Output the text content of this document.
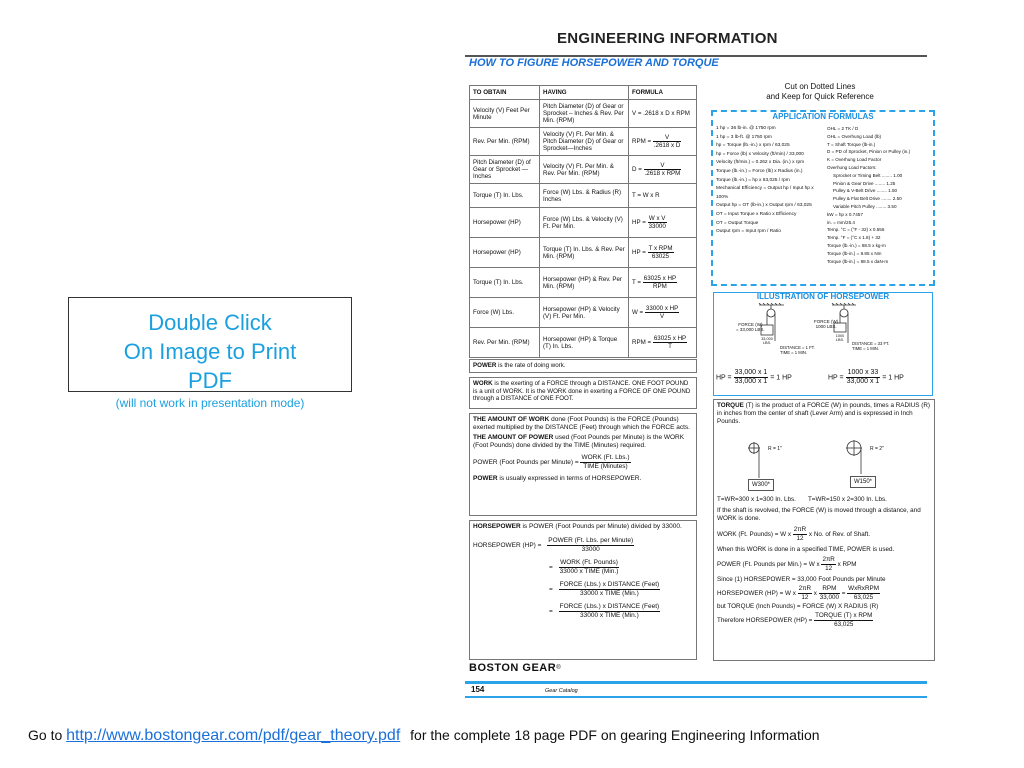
Double Click
On Image to Print
PDF
(will not work in presentation mode)
ENGINEERING INFORMATION
HOW TO FIGURE HORSEPOWER AND TORQUE
Cut on Dotted Lines
and Keep for Quick Reference
TO OBTAIN	HAVING	FORMULA
Velocity (V) Feet Per Minute	Pitch Diameter (D) of Gear or Sprocket – Inches & Rev. Per Min. (RPM)	V = .2618 x D x RPM
Rev. Per Min. (RPM)	Velocity (V) Ft. Per Min. & Pitch Diameter (D) of Gear or Sprocket—Inches	RPM = $\frac{V}{\text{.2618 x D}}$

Pitch Diameter (D) of Gear or Sprocket — Inches	Velocity (V) Ft. Per Min. & Rev. Per Min. (RPM)	$D = \frac{V}{\text{.2618 x RPM}}$

Torque (T) In. Lbs.	Force (W) Lbs. & Radius (R) Inches	T = W x R
Horsepower (HP)	Force (W) Lbs. & Velocity (V) Ft. Per Min.	HP = $\frac{\text{W x V}}{33000}$

Horsepower (HP)	Torque (T) In. Lbs. & Rev. Per Min. (RPM)	HP = $\frac{\text{T x RPM}}{63025}$

Torque (T) In. Lbs.	Horsepower (HP) & Rev. Per Min. (RPM)	$T = \frac{\text{63025 x HP}}{\text{RPM}}$

Force (W) Lbs.	Horsepower (HP) & Velocity (V) Ft. Per Min.	$W = \frac{\text{33000 x HP}}{V}$

Rev. Per Min. (RPM)	Horsepower (HP) & Torque (T) In. Lbs.	RPM = $\frac{\text{63025 x HP}}{T}$
POWER is the rate of doing work.
WORK is the exerting of a FORCE through a DISTANCE. ONE FOOT POUND is a unit of WORK. It is the WORK done in exerting a FORCE OF ONE POUND through a DISTANCE of ONE FOOT.
THE AMOUNT OF WORK done (Foot Pounds) is the FORCE (Pounds) exerted multiplied by the DISTANCE (Feet) through which the FORCE acts.
THE AMOUNT OF POWER used (Foot Pounds per Minute) is the WORK (Foot Pounds) done divided by the TIME (Minutes) required.
POWER (Foot Pounds per Minute) = $\frac{\text{WORK (Ft. Lbs.)}}{\text{TIME (Minutes)}}$
POWER is usually expressed in terms of HORSEPOWER.
HORSEPOWER is POWER (Foot Pounds per Minute) divided by 33000.
HORSEPOWER $(HP) = \frac{\text{POWER (Ft. Lbs. per Minute)}}{33000}$
= $\frac{\text{WORK (Ft. Pounds)}}{\text{33000 x TIME (Min.)}}$
= $\frac{\text{FORCE (Lbs.) x DISTANCE (Feet)}}{\text{33000 x TIME (Min.)}}$
= $\frac{\text{FORCE (Lbs.) x DISTANCE (Feet)}}{\text{33000 x TIME (Min.)}}$
APPLICATION FORMULAS
1 hp = 36 lb-in. @ 1750 rpm
1 hp = 3 lb-ft. @ 1750 rpm
hp = Torque (lb.-in.) x rpm / 63,025
hp = Force (lb) x Velocity (ft/min) / 33,000
Velocity (ft/min.) = 0.262 x Dia. (in.) x rpm
Torque (lb.-in.) = Force (lb) x Radius (in.)
Torque (lb.-in.) = hp x 63,025 / rpm
Mechanical Efficiency = Output hp / Input hp x 100%
Output hp = OT (lb-in.) x Output rpm / 63,025
OT = Input Torque x Ratio x Efficiency
OT = Output Torque
Output rpm = Input rpm / Ratio
OHL = 2 TK / D
OHL = Overhung Load (lb)
T = Shaft Torque (lb-in.)
D = PD of Sprocket, Pinion or Pulley (in.)
K = Overhung Load Factor
Overhung Load Factors:
Sprocket or Timing Belt ........ 1.00
Pinion & Gear Drive ........ 1.25
Pulley & V-Belt Drive ........ 1.50
Pulley & Flat Belt Drive ........ 2.50
Variable Pitch Pulley ........ 3.50
kW = hp x 0.7457
in. = mm/25.4
Temp. °C = (°F - 32) x 0.556
Temp. °F = (°C x 1.8) + 32
Torque (lb.-in.) = 88.5 x kg-m
Torque (lb-in.) = 8.85 x Nm
Torque (lb-in.) = 88.5 x daN-m
ILLUSTRATION OF HORSEPOWER
FORCE (W)
= 33,000 LBS.
33,000 LBS.
DISTANCE = 1 FT.
TIME = 1 MIN.
FORCE (W)
1000 LBS.
1000 LBS.
DISTANCE = 33 FT.
TIME = 1 MIN.
HP = $\frac{33,000 x 1}{33,000 x 1} = 1$ HP	HP = $\frac{1000 x 33}{33,000 x 1} = 1$ HP
TORQUE (T) is the product of a FORCE (W) in pounds, times a RADIUS (R) in inches from the center of shaft (Lever Arm) and is expressed in Inch Pounds.
R = 1"	R = 2"
W300*	W150*
T=WR=300 x 1=300 In. Lbs. T=WR=150 x 2=300 In. Lbs.
If the shaft is revolved, the FORCE (W) is moved through a distance, and WORK is done.
WORK (Ft. Pounds) = W x $\frac{2\pi R}{12}$ x No. of Rev. of Shaft.
When this WORK is done in a specified TIME, POWER is used.
POWER (Ft. Pounds per Min.) = W x $\frac{2\pi R}{12}$ x RPM
Since (1) HORSEPOWER = 33,000 Foot Pounds per Minute
HORSEPOWER (HP) = W x $\frac{2\pi R}{12}$ x $\frac{\text{RPM}}{33,000} = \frac{\text{WxRxRPM}}{63,025}$
but TORQUE (Inch Pounds) = FORCE (W) X RADIUS (R)
Therefore HORSEPOWER $(HP) = \frac{\text{TORQUE (T) x RPM}}{63,025}$
BOSTON GEAR®
154	Gear Catalog
Go to http://www.bostongear.com/pdf/gear_theory.pdf for the complete 18 page PDF on gearing Engineering Information
